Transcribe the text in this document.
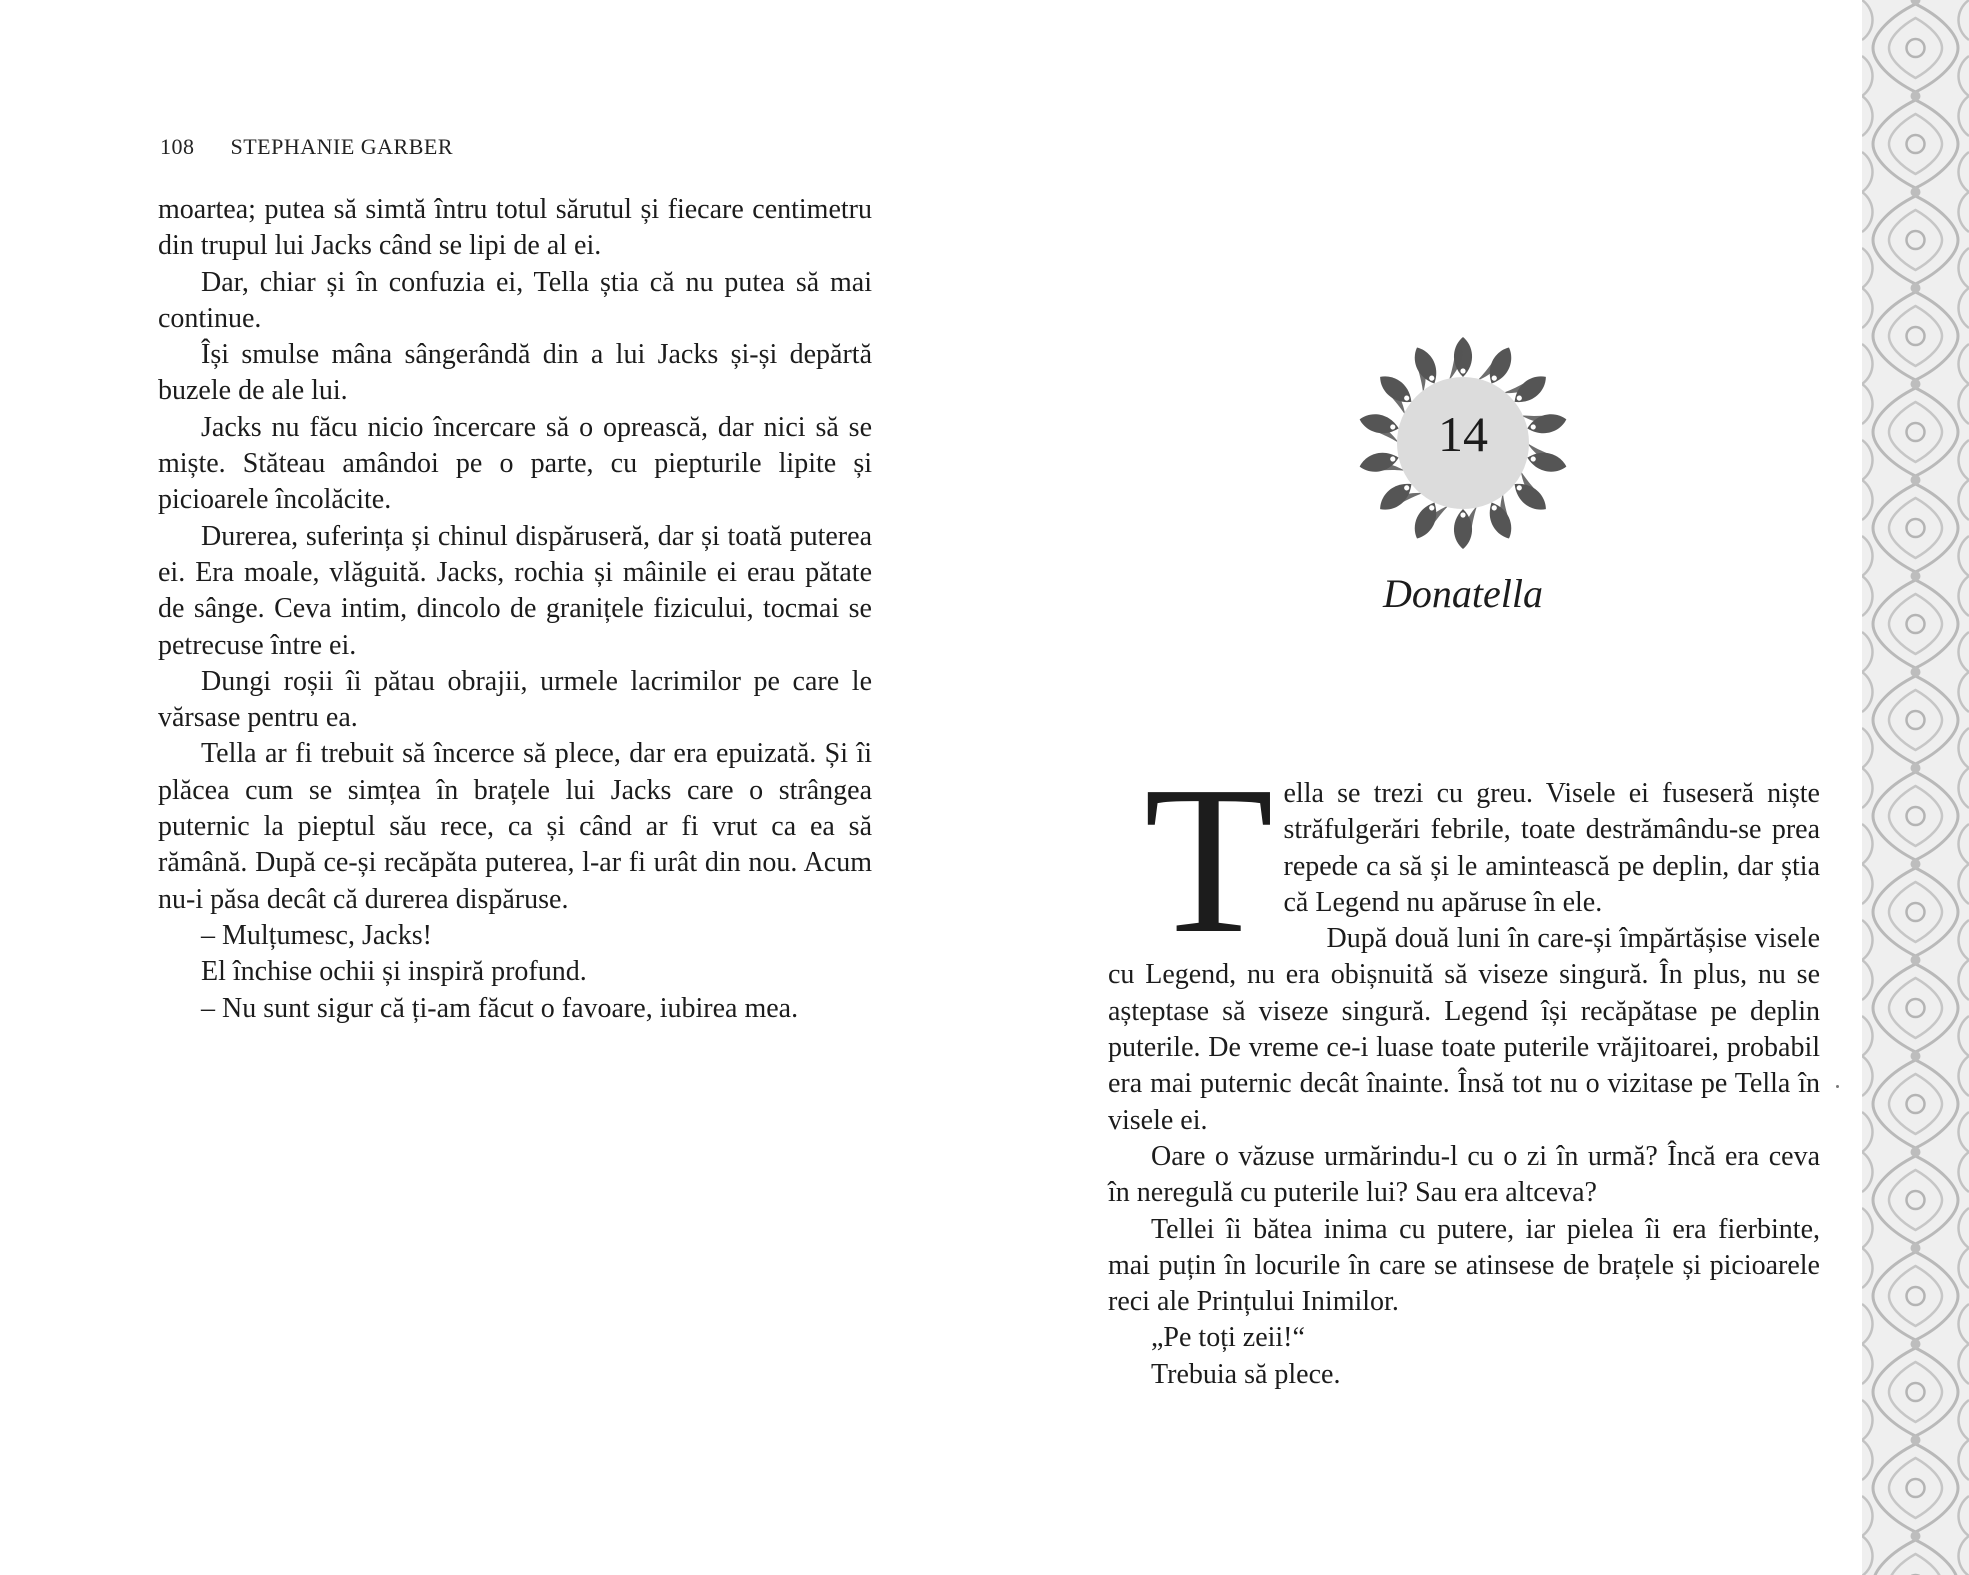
108 STEPHANIE GARBER

moartea; putea să simtă întru totul sărutul și fiecare centimetru din trupul lui Jacks când se lipi de al ei.

Dar, chiar și în confuzia ei, Tella știa că nu putea să mai continue.

Își smulse mâna sângerândă din a lui Jacks și-și depărtă buzele de ale lui.

Jacks nu făcu nicio încercare să o oprească, dar nici să se miște. Stăteau amândoi pe o parte, cu piepturile lipite și picioarele încolăcite.

Durerea, suferința și chinul dispăruseră, dar și toată puterea ei. Era moale, vlăguită. Jacks, rochia și mâinile ei erau pătate de sânge. Ceva intim, dincolo de granițele fizicului, tocmai se petrecuse între ei.

Dungi roșii îi pătau obrajii, urmele lacrimilor pe care le vărsase pentru ea.

Tella ar fi trebuit să încerce să plece, dar era epuizată. Și îi plăcea cum se simțea în brațele lui Jacks care o strângea puternic la pieptul său rece, ca și când ar fi vrut ca ea să rămână. După ce-și recăpăta puterea, l-ar fi urât din nou. Acum nu-i păsa decât că durerea dispăruse.

– Mulțumesc, Jacks!

El închise ochii și inspiră profund.

– Nu sunt sigur că ți-am făcut o favoare, iubirea mea.

14
Donatella

Tella se trezi cu greu. Visele ei fuseseră niște străfulgerări febrile, toate destrămându-se prea repede ca să și le amintească pe deplin, dar știa că Legend nu apăruse în ele.

După două luni în care-și împărtășise visele cu Legend, nu era obișnuită să viseze singură. În plus, nu se așteptase să viseze singură. Legend își recăpătase pe deplin puterile. De vreme ce-i luase toate puterile vrăjitoarei, probabil era mai puternic decât înainte. Însă tot nu o vizitase pe Tella în visele ei.

Oare o văzuse urmărindu-l cu o zi în urmă? Încă era ceva în neregulă cu puterile lui? Sau era altceva?

Tellei îi bătea inima cu putere, iar pielea îi era fierbinte, mai puțin în locurile în care se atinsese de brațele și picioarele reci ale Prințului Inimilor.

„Pe toți zeii!“

Trebuia să plece.
